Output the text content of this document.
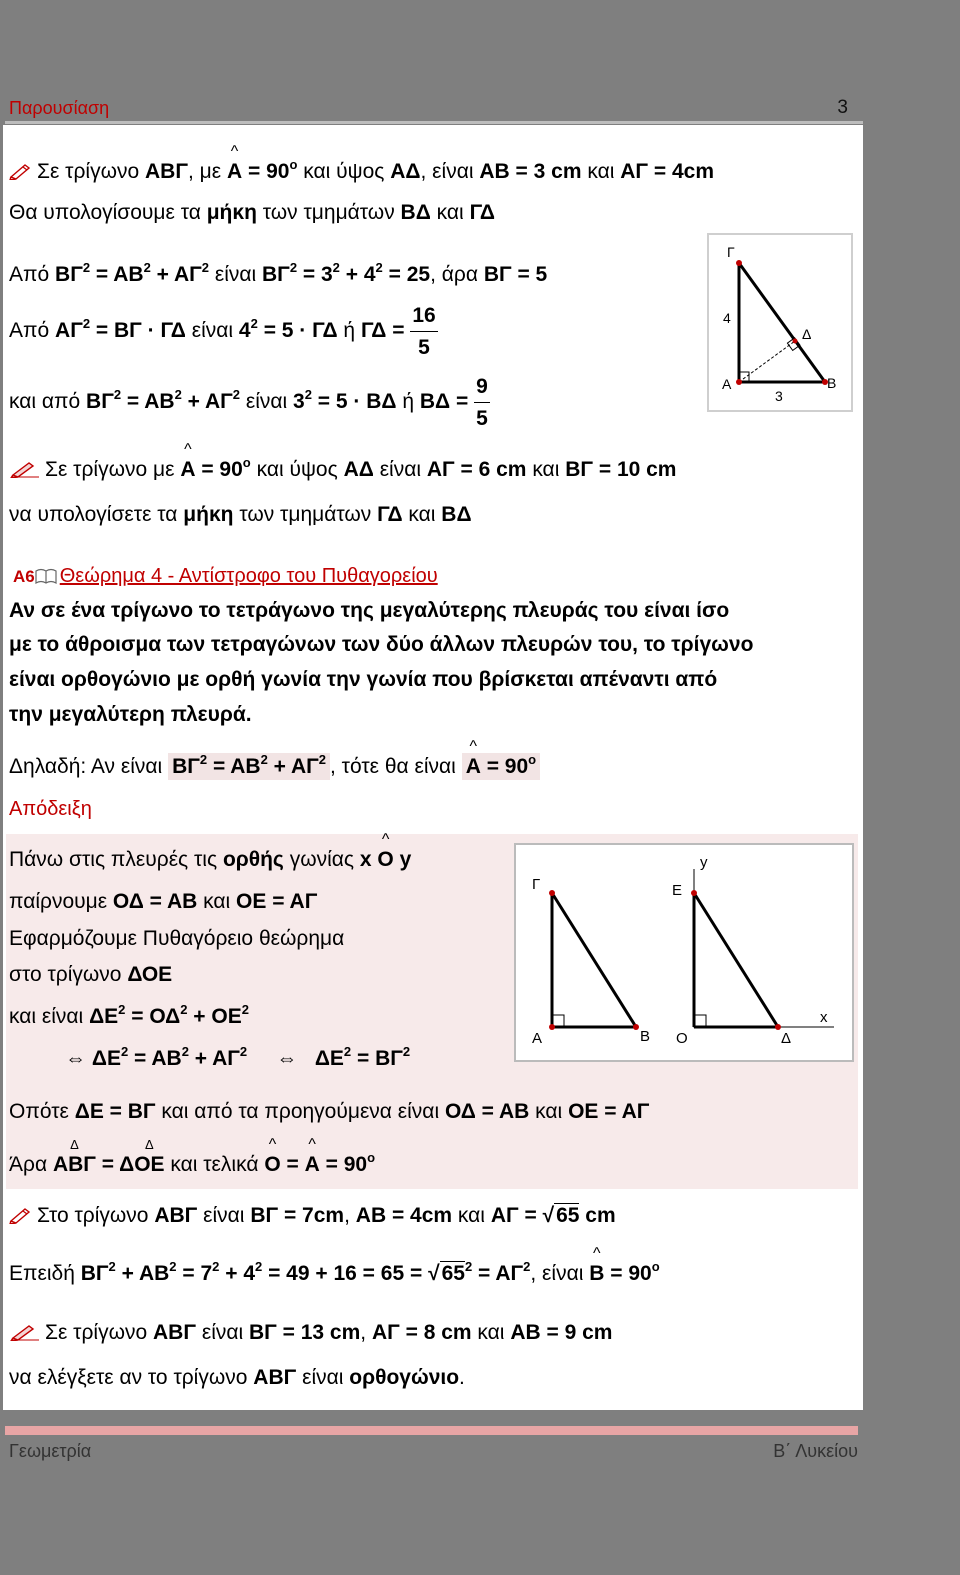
Παρουσίαση	3
Σε τρίγωνο ΑΒΓ, με ^ $A = 90^o$ και ύψος ΑΔ, είναι ΑΒ = 3 cm και ΑΓ = 4cm
Θα υπολογίσουμε τα μήκη των τμημάτων ΒΔ και ΓΔ
Από $B\Gamma^2 = AB^2 + A\Gamma^2$ είναι $B\Gamma^2 = 3^2 + 4^2 = 25$, άρα ΒΓ = 5
Από $A\Gamma^2 = B\Gamma \cdot \Gamma\Delta$ είναι $4^2 = 5 \cdot \Gamma\Delta$ ή $\Gamma\Delta = \frac{16}{5}$
και από $B\Gamma^2 = AB^2 + A\Gamma^2$ είναι $3^2 = 5 \cdot B\Delta$ ή $B\Delta = \frac{9}{5}$
Γ
Α	Β
Δ
4
3
Σε τρίγωνο με ^ $A = 90^o$ και ύψος ΑΔ είναι ΑΓ = 6 cm και ΒΓ = 10 cm
να υπολογίσετε τα μήκη των τμημάτων ΓΔ και ΒΔ
Α6 Θεώρημα 4 - Αντίστροφο του Πυθαγορείου
Αν σε ένα τρίγωνο το τετράγωνο της μεγαλύτερης πλευράς του είναι ίσο
με το άθροισμα των τετραγώνων των δύο άλλων πλευρών του, το τρίγωνο
είναι ορθογώνιο με ορθή γωνία την γωνία που βρίσκεται απέναντι από
την μεγαλύτερη πλευρά.
Δηλαδή: Αν είναι $B\Gamma^2 = AB^2 + A\Gamma^2$ , τότε θα είναι ^ $A = 90^o$
Απόδειξη
Πάνω στις πλευρές τις ορθής γωνίας x ^ Ο y
παίρνουμε ΟΔ = ΑΒ και ΟΕ = ΑΓ
Εφαρμόζουμε Πυθαγόρειο θεώρημα
στο τρίγωνο ΔΟΕ
και είναι $\Delta E^2 = O\Delta^2 + OE^2$
⇔ $\Delta E^2 = AB^2 + A\Gamma^2$ ⇔ $\Delta E^2 = B\Gamma^2$
Οπότε ΔΕ = ΒΓ και από τα προηγούμενα είναι ΟΔ = ΑΒ και ΟΕ = ΑΓ
Άρα Δ ΑΒΓ = ΔΔ ΟΕ και τελικά ^ Ο = ^ $A = 90^o$
Γ
Α	Β
Ε
y
Ο	Δ
x
Στο τρίγωνο ΑΒΓ είναι ΒΓ = 7cm, ΑΒ = 4cm και ΑΓ = √65 cm
Επειδή $B\Gamma^2 + AB^2 = 7^2 + 4^2 = 49 + 16 = 65 = √65^2 = A\Gamma^2$, είναι ^ $B = 90^o$
Σε τρίγωνο ΑΒΓ είναι ΒΓ = 13 cm, ΑΓ = 8 cm και ΑΒ = 9 cm
να ελέγξετε αν το τρίγωνο ΑΒΓ είναι ορθογώνιο.
Γεωμετρία	Β΄ Λυκείου
